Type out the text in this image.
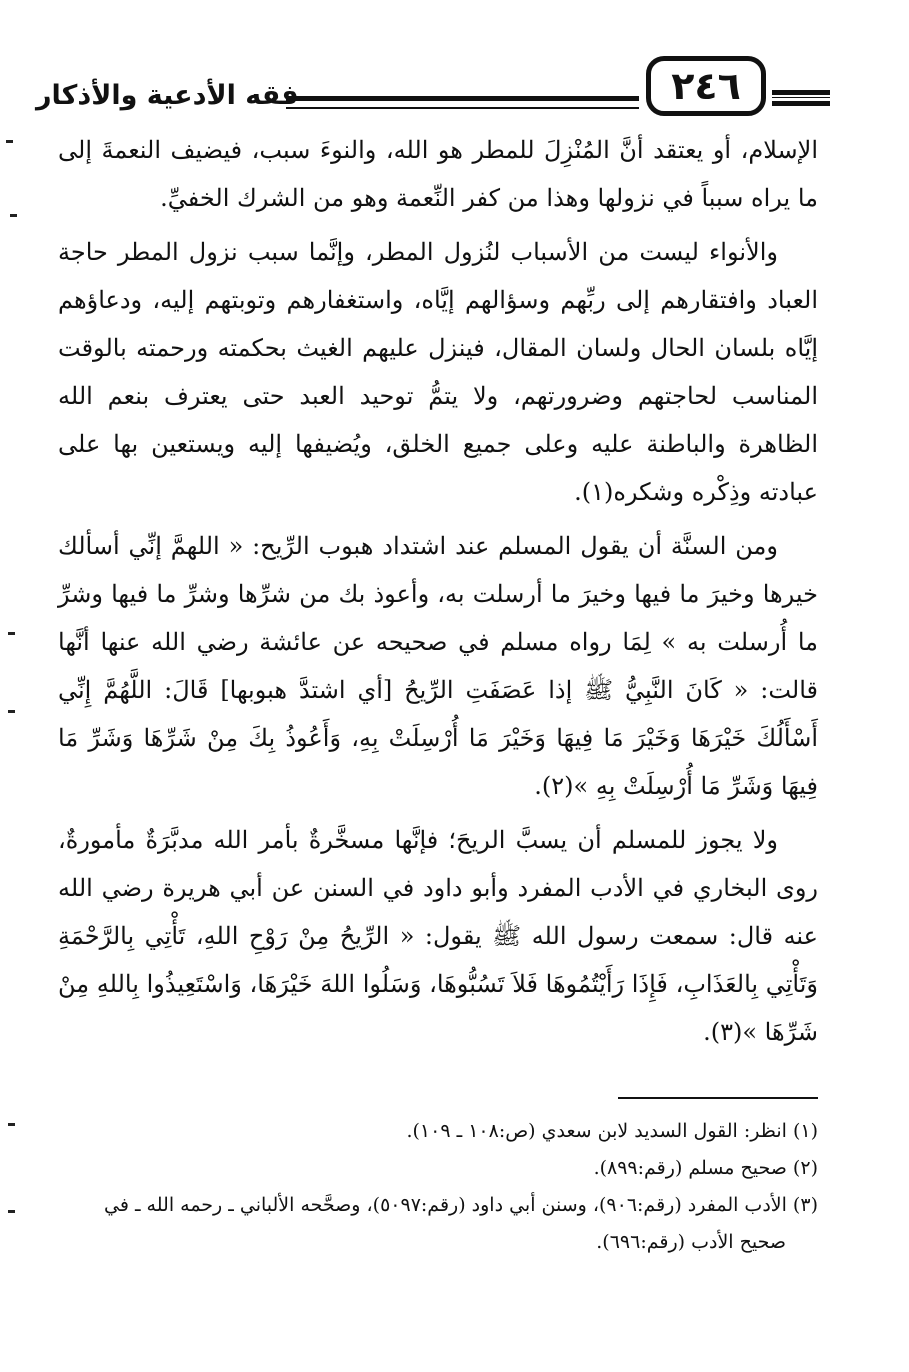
فقه الأدعية والأذكار	٢٤٦

الإسلام، أو يعتقد أنَّ المُنْزِلَ للمطر هو الله، والنوءَ سبب، فيضيف النعمةَ إلى ما يراه سبباً في نزولها وهذا من كفر النِّعمة وهو من الشرك الخفيِّ.

والأنواء ليست من الأسباب لنُزول المطر، وإنَّما سبب نزول المطر حاجة العباد وافتقارهم إلى ربِّهم وسؤالهم إيَّاه، واستغفارهم وتوبتهم إليه، ودعاؤهم إيَّاه بلسان الحال ولسان المقال، فينزل عليهم الغيث بحكمته ورحمته بالوقت المناسب لحاجتهم وضرورتهم، ولا يتمُّ توحيد العبد حتى يعترف بنعم الله الظاهرة والباطنة عليه وعلى جميع الخلق، ويُضيفها إليه ويستعين بها على عبادته وذِكْره وشكره(١).

ومن السنَّة أن يقول المسلم عند اشتداد هبوب الرِّيح: « اللهمَّ إنِّي أسألك خيرها وخيرَ ما فيها وخيرَ ما أرسلت به، وأعوذ بك من شرِّها وشرِّ ما فيها وشرِّ ما أُرسلت به » لِمَا رواه مسلم في صحيحه عن عائشة رضي الله عنها أنَّها قالت: « كَانَ النَّبِيُّ ﷺ إذا عَصَفَتِ الرِّيحُ [أي اشتدَّ هبوبها] قَالَ: اللَّهُمَّ إِنِّي أَسْأَلُكَ خَيْرَهَا وَخَيْرَ مَا فِيهَا وَخَيْرَ مَا أُرْسِلَتْ بِهِ، وَأَعُوذُ بِكَ مِنْ شَرِّهَا وَشَرِّ مَا فِيهَا وَشَرِّ مَا أُرْسِلَتْ بِهِ »(٢).

ولا يجوز للمسلم أن يسبَّ الريحَ؛ فإنَّها مسخَّرةٌ بأمر الله مدبَّرَةٌ مأمورةٌ، روى البخاري في الأدب المفرد وأبو داود في السنن عن أبي هريرة رضي الله عنه قال: سمعت رسول الله ﷺ يقول: « الرِّيحُ مِنْ رَوْحِ اللهِ، تَأْتِي بِالرَّحْمَةِ وَتَأْتِي بِالعَذَابِ، فَإِذَا رَأَيْتُمُوهَا فَلاَ تَسُبُّوهَا، وَسَلُوا اللهَ خَيْرَهَا، وَاسْتَعِيذُوا بِاللهِ مِنْ شَرِّهَا »(٣).

(١) انظر: القول السديد لابن سعدي (ص:١٠٨ ـ ١٠٩).

(٢) صحيح مسلم (رقم:٨٩٩).

(٣) الأدب المفرد (رقم:٩٠٦)، وسنن أبي داود (رقم:٥٠٩٧)، وصحَّحه الألباني ـ رحمه الله ـ في صحيح الأدب (رقم:٦٩٦).
